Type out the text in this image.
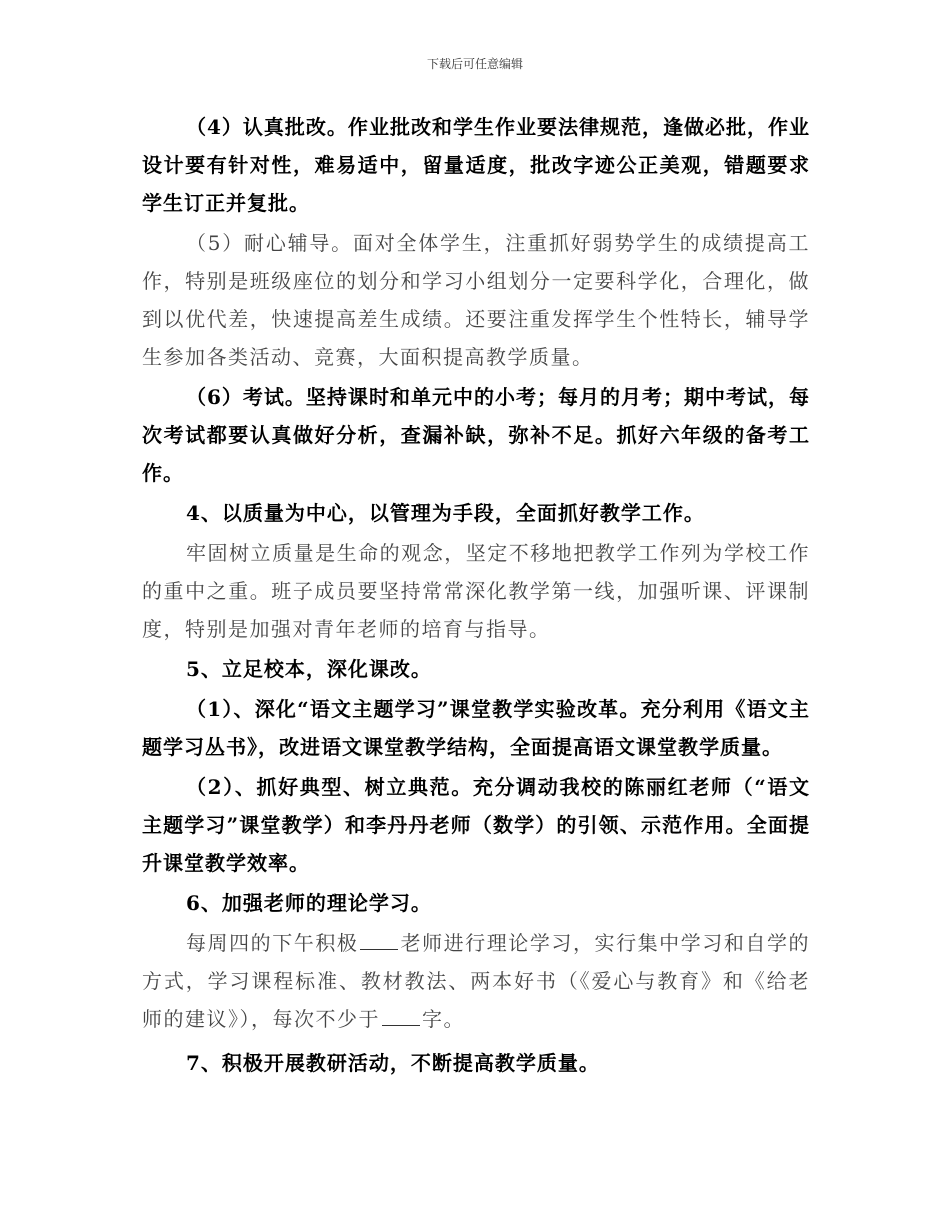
下载后可任意编辑

（4）认真批改。作业批改和学生作业要法律规范，逢做必批，作业设计要有针对性，难易适中，留量适度，批改字迹公正美观，错题要求学生订正并复批。

（5）耐心辅导。面对全体学生，注重抓好弱势学生的成绩提高工作，特别是班级座位的划分和学习小组划分一定要科学化，合理化，做到以优代差，快速提高差生成绩。还要注重发挥学生个性特长，辅导学生参加各类活动、竞赛，大面积提高教学质量。

（6）考试。坚持课时和单元中的小考；每月的月考；期中考试，每次考试都要认真做好分析，查漏补缺，弥补不足。抓好六年级的备考工作。

4、以质量为中心，以管理为手段，全面抓好教学工作。

牢固树立质量是生命的观念，坚定不移地把教学工作列为学校工作的重中之重。班子成员要坚持常常深化教学第一线，加强听课、评课制度，特别是加强对青年老师的培育与指导。

5、立足校本，深化课改。

（1）、深化“语文主题学习”课堂教学实验改革。充分利用《语文主题学习丛书》，改进语文课堂教学结构，全面提高语文课堂教学质量。

（2）、抓好典型、树立典范。充分调动我校的陈丽红老师（“语文主题学习”课堂教学）和李丹丹老师（数学）的引领、示范作用。全面提升课堂教学效率。

6、加强老师的理论学习。

每周四的下午积极 老师进行理论学习，实行集中学习和自学的方式，学习课程标准、教材教法、两本好书（《爱心与教育》和《给老师的建议》），每次不少于 字。

7、积极开展教研活动，不断提高教学质量。
